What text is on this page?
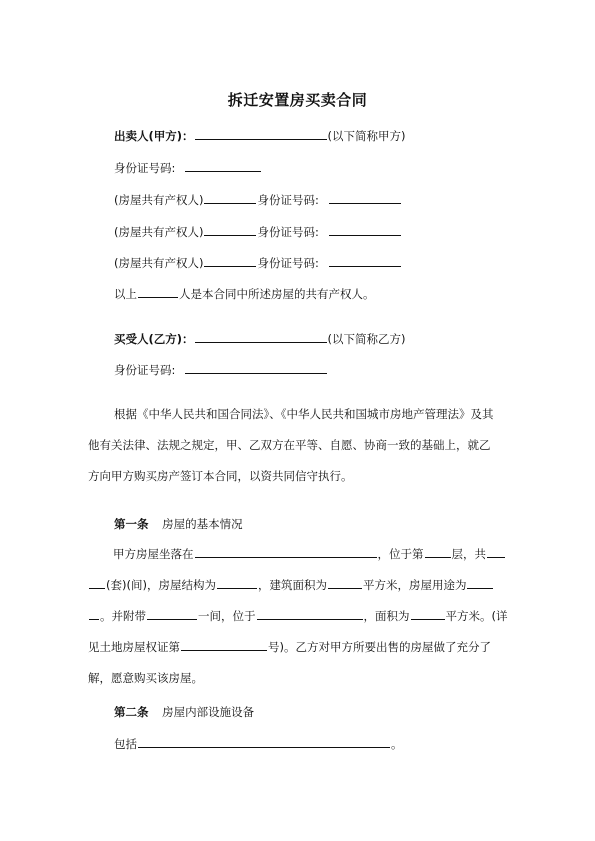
拆迁安置房买卖合同
出卖人(甲方)：	(以下简称甲方)
身份证号码:
(房屋共有产权人)	身份证号码:
(房屋共有产权人)	身份证号码:
(房屋共有产权人)	身份证号码:
以上	人是本合同中所述房屋的共有产权人。
买受人(乙方)：	(以下简称乙方)
身份证号码:
根据《中华人民共和国合同法》、《中华人民共和国城市房地产管理法》及其
他有关法律、法规之规定，甲、乙双方在平等、自愿、协商一致的基础上，就乙
方向甲方购买房产签订本合同，以资共同信守执行。
第一条 房屋的基本情况
甲方房屋坐落在	，位于第 层，共
(套)(间)，房屋结构为	，建筑面积为	平方米，房屋用途为
。并附带	一间，位于	，面积为	平方米。(详
见土地房屋权证第	号)。乙方对甲方所要出售的房屋做了充分了
解，愿意购买该房屋。
第二条 房屋内部设施设备
包括	。
